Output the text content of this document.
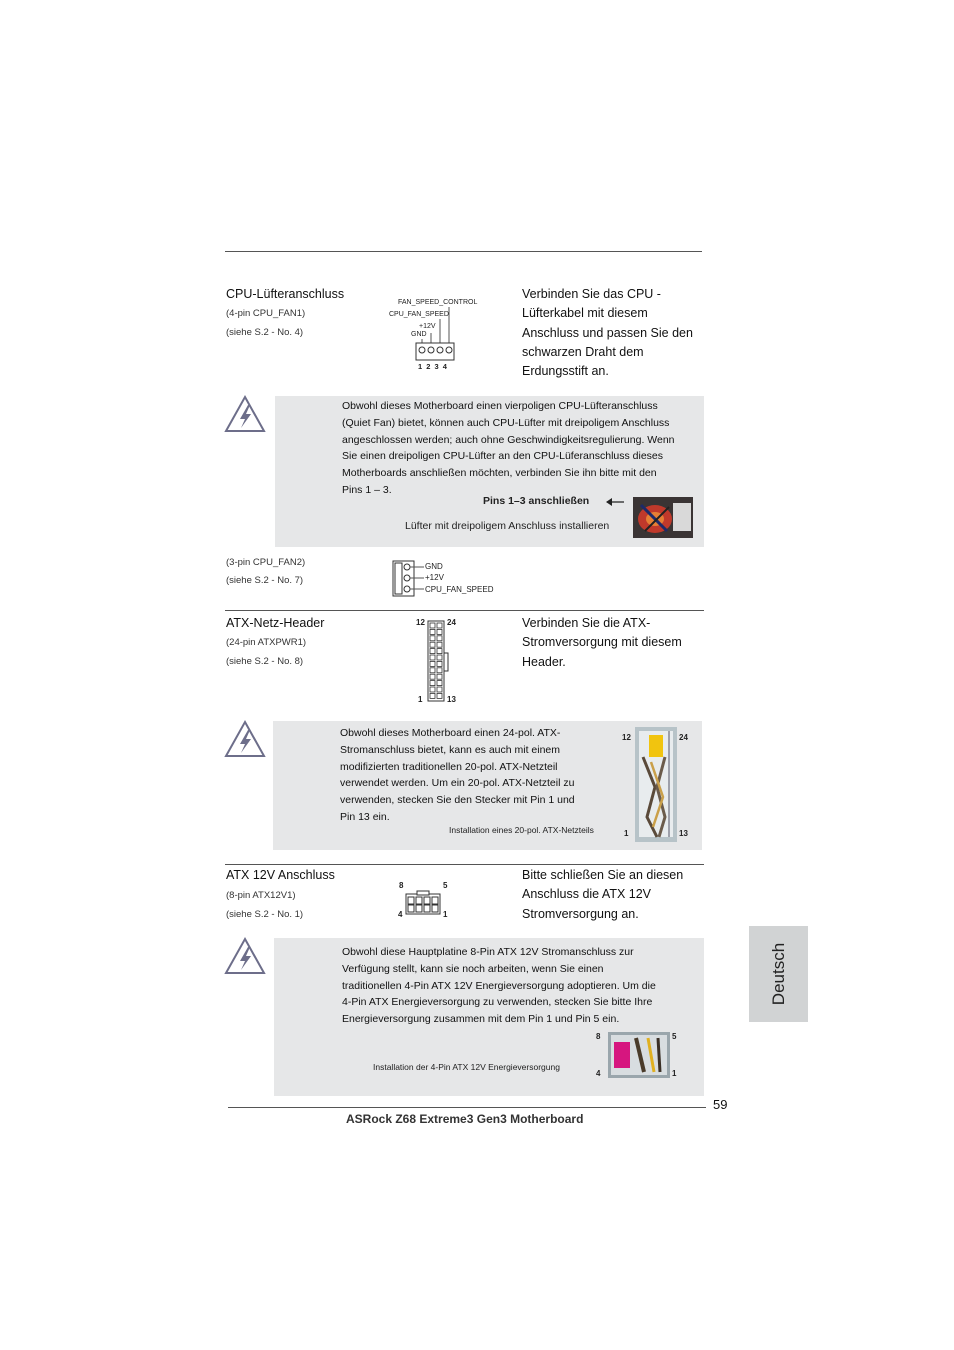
CPU-Lüfteranschluss
(4-pin CPU_FAN1)
(siehe S.2 - No. 4)
FAN_SPEED_CONTROL
CPU_FAN_SPEED
+12V
GND
1 2 3 4
Verbinden Sie das CPU -
Lüfterkabel mit diesem
Anschluss und passen Sie den
schwarzen Draht dem
Erdungsstift an.
Obwohl dieses Motherboard einen vierpoligen CPU-Lüfteranschluss
(Quiet Fan) bietet, können auch CPU-Lüfter mit dreipoligem Anschluss
angeschlossen werden; auch ohne Geschwindigkeitsregulierung. Wenn
Sie einen dreipoligen CPU-Lüfter an den CPU-Lüferanschluss dieses
Motherboards anschließen möchten, verbinden Sie ihn bitte mit den
Pins 1 – 3.
Pins 1–3 anschließen
Lüfter mit dreipoligem Anschluss installieren
(3-pin CPU_FAN2)
(siehe S.2 - No. 7)
GND
+12V
CPU_FAN_SPEED
ATX-Netz-Header
(24-pin ATXPWR1)
(siehe S.2 - No. 8)
12	24
1	13
Verbinden Sie die ATX-
Stromversorgung mit diesem
Header.
Obwohl dieses Motherboard einen 24-pol. ATX-
Stromanschluss bietet, kann es auch mit einem
modifizierten traditionellen 20-pol. ATX-Netzteil
verwendet werden. Um ein 20-pol. ATX-Netzteil zu
verwenden, stecken Sie den Stecker mit Pin 1 und
Pin 13 ein.
Installation eines 20-pol. ATX-Netzteils
12	24
1	13
ATX 12V Anschluss
(8-pin ATX12V1)
(siehe S.2 - No. 1)
8	5
4	1
Bitte schließen Sie an diesen
Anschluss die ATX 12V
Stromversorgung an.
Obwohl diese Hauptplatine 8-Pin ATX 12V Stromanschluss zur
Verfügung stellt, kann sie noch arbeiten, wenn Sie einen
traditionellen 4-Pin ATX 12V Energieversorgung adoptieren. Um die
4-Pin ATX Energieversorgung zu verwenden, stecken Sie bitte Ihre
Energieversorgung zusammen mit dem Pin 1 und Pin 5 ein.
Installation der 4-Pin ATX 12V Energieversorgung
8	5
4	1
Deutsch
59
ASRock Z68 Extreme3 Gen3 Motherboard
